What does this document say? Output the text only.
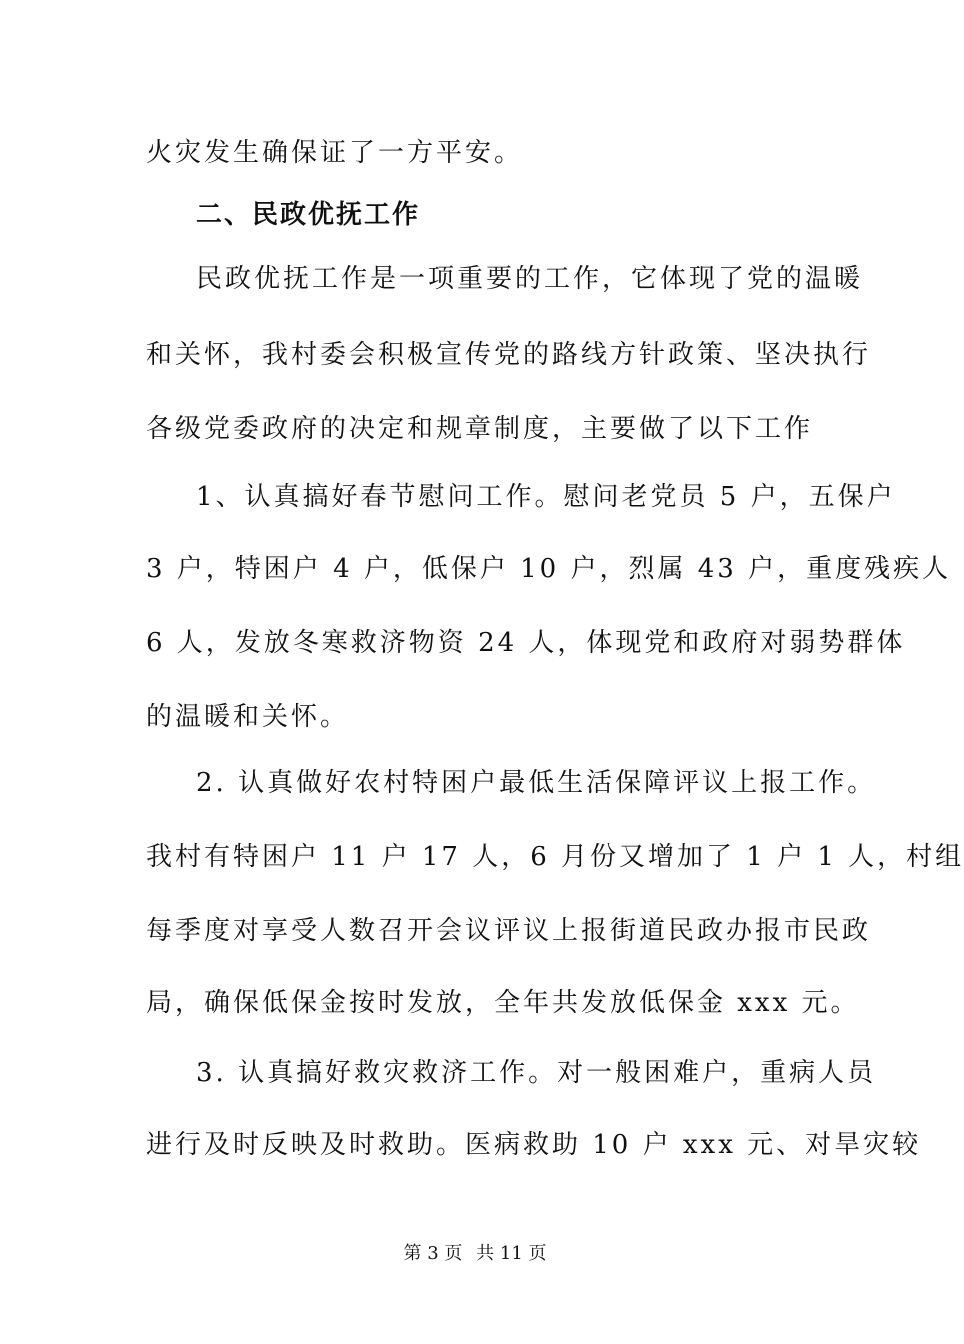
火灾发生确保证了一方平安。
二、民政优抚工作
民政优抚工作是一项重要的工作，它体现了党的温暖
和关怀，我村委会积极宣传党的路线方针政策、坚决执行
各级党委政府的决定和规章制度，主要做了以下工作
1、认真搞好春节慰问工作。慰问老党员 5 户，五保户
3 户，特困户 4 户，低保户 10 户，烈属 43 户，重度残疾人
6 人，发放冬寒救济物资 24 人，体现党和政府对弱势群体
的温暖和关怀。
2. 认真做好农村特困户最低生活保障评议上报工作。
我村有特困户 11 户 17 人，6 月份又增加了 1 户 1 人，村组
每季度对享受人数召开会议评议上报街道民政办报市民政
局，确保低保金按时发放，全年共发放低保金 xxx 元。
3. 认真搞好救灾救济工作。对一般困难户，重病人员
进行及时反映及时救助。医病救助 10 户 xxx 元、对旱灾较
第 3 页 共 11 页
